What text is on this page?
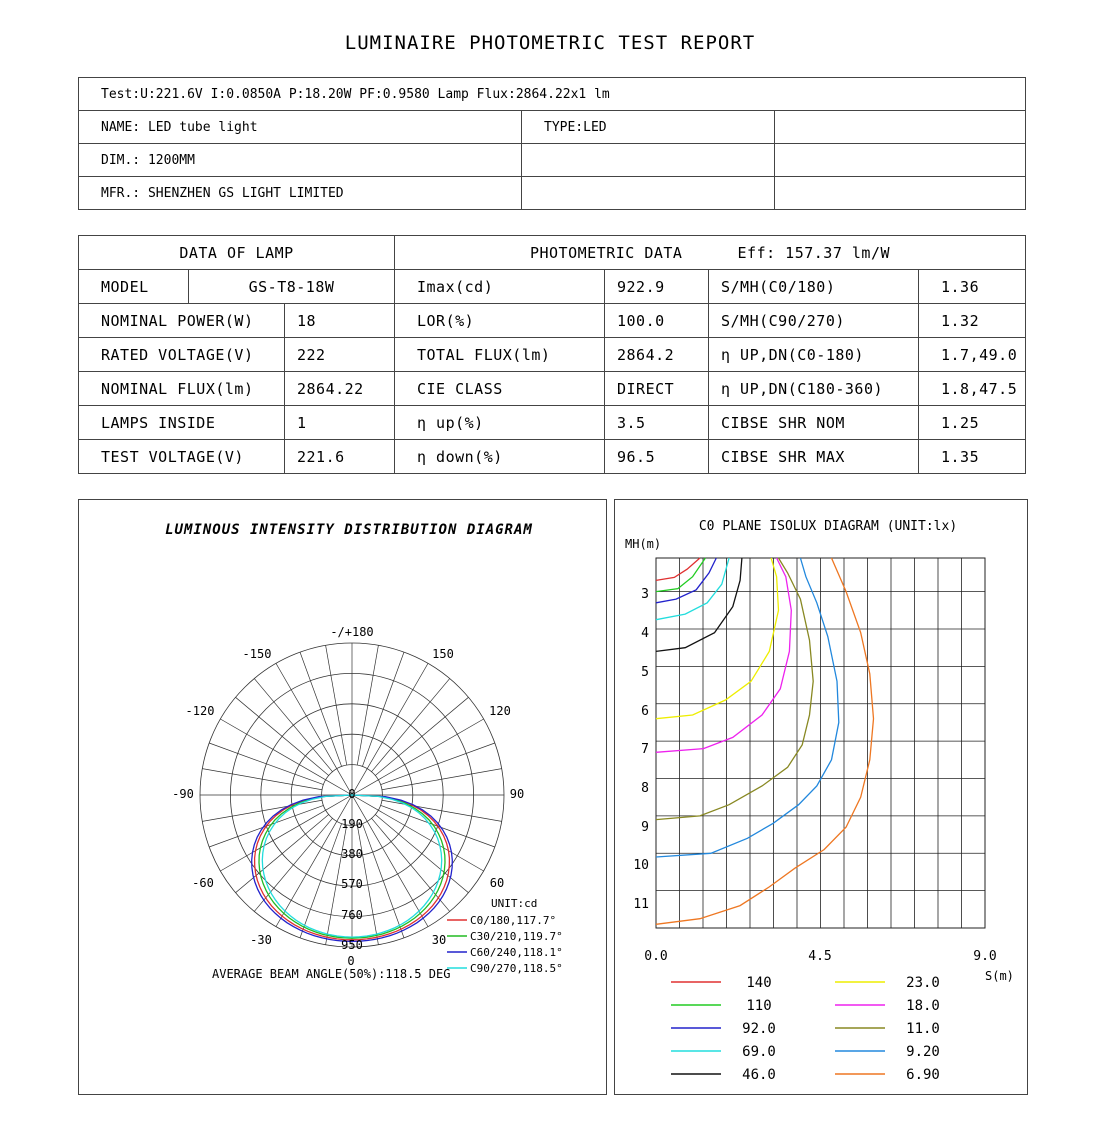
LUMINAIRE PHOTOMETRIC TEST REPORT
Test:U:221.6V I:0.0850A P:18.20W PF:0.9580 Lamp Flux:2864.22x1 lm		
NAME: LED tube light	TYPE:LED	
DIM.: 1200MM		
MFR.: SHENZHEN GS LIGHT LIMITED		
DATA OF LAMP			PHOTOMETRIC DATA Eff: 157.37 lm/W			
MODEL	GS-T8-18W		Imax(cd)	922.9	S/MH(C0/180)	1.36
NOMINAL POWER(W)		18	LOR(%)	100.0	S/MH(C90/270)	1.32
RATED VOLTAGE(V)		222	TOTAL FLUX(lm)	2864.2	η UP,DN(C0-180)	1.7,49.0
NOMINAL FLUX(lm)		2864.22	CIE CLASS	DIRECT	η UP,DN(C180-360)	1.8,47.5
LAMPS INSIDE		1	η up(%)	3.5	CIBSE SHR NOM	1.25
TEST VOLTAGE(V)		221.6	η down(%)	96.5	CIBSE SHR MAX	1.35
LUMINOUS INTENSITY DISTRIBUTION DIAGRAM
-/+180
150
120
90
60
30
0
-30
-60
-90
-120
-150
0
190
380
570
760
950
UNIT:cd
C0/180,117.7°
C30/210,119.7°
C60/240,118.1°
C90/270,118.5°
AVERAGE BEAM ANGLE(50%):118.5 DEG
C0 PLANE ISOLUX DIAGRAM (UNIT:lx)
MH(m)
3
4
5
6
7
8
9
10
11
0.0	4.5	9.0
S(m)
140
110
92.0
69.0
46.0
23.0
18.0
11.0
9.20
6.90
